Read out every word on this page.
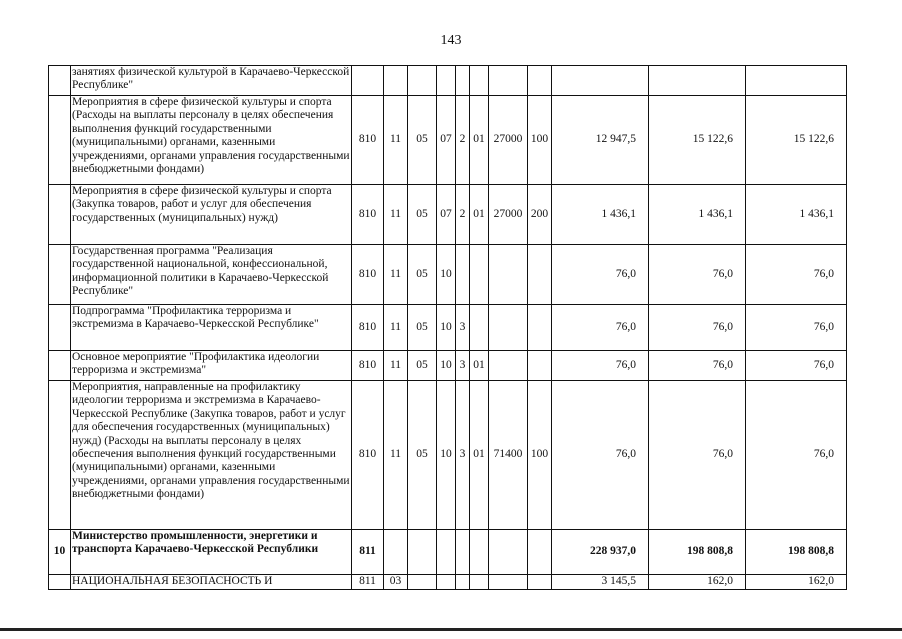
143
	занятиях физической культурой в Карачаево-Черкесской Республике"											
	Мероприятия в сфере физической культуры и спорта (Расходы на выплаты персоналу в целях обеспечения выполнения функций государственными (муниципальными) органами, казенными учреждениями, органами управления государственными внебюджетными фондами)	810	11	05	07	2	01	27000	100	12 947,5	15 122,6	15 122,6
	Мероприятия в сфере физической культуры и спорта (Закупка товаров, работ и услуг для обеспечения государственных (муниципальных) нужд)	810	11	05	07	2	01	27000	200	1 436,1	1 436,1	1 436,1
	Государственная программа "Реализация государственной национальной, конфессиональной, информационной политики в Карачаево-Черкесской Республике"	810	11	05	10					76,0	76,0	76,0
	Подпрограмма "Профилактика терроризма и экстремизма в Карачаево-Черкесской Республике"	810	11	05	10	3				76,0	76,0	76,0
	Основное мероприятие "Профилактика идеологии терроризма и экстремизма"	810	11	05	10	3	01			76,0	76,0	76,0
	Мероприятия, направленные на профилактику идеологии терроризма и экстремизма в Карачаево-Черкесской Республике (Закупка товаров, работ и услуг для обеспечения государственных (муниципальных) нужд) (Расходы на выплаты персоналу в целях обеспечения выполнения функций государственными (муниципальными) органами, казенными учреждениями, органами управления государственными внебюджетными фондами)	810	11	05	10	3	01	71400	100	76,0	76,0	76,0
10	Министерство промышленности, энергетики и транспорта Карачаево-Черкесской Республики	811								228 937,0	198 808,8	198 808,8
	НАЦИОНАЛЬНАЯ БЕЗОПАСНОСТЬ И	811	03							3 145,5	162,0	162,0
